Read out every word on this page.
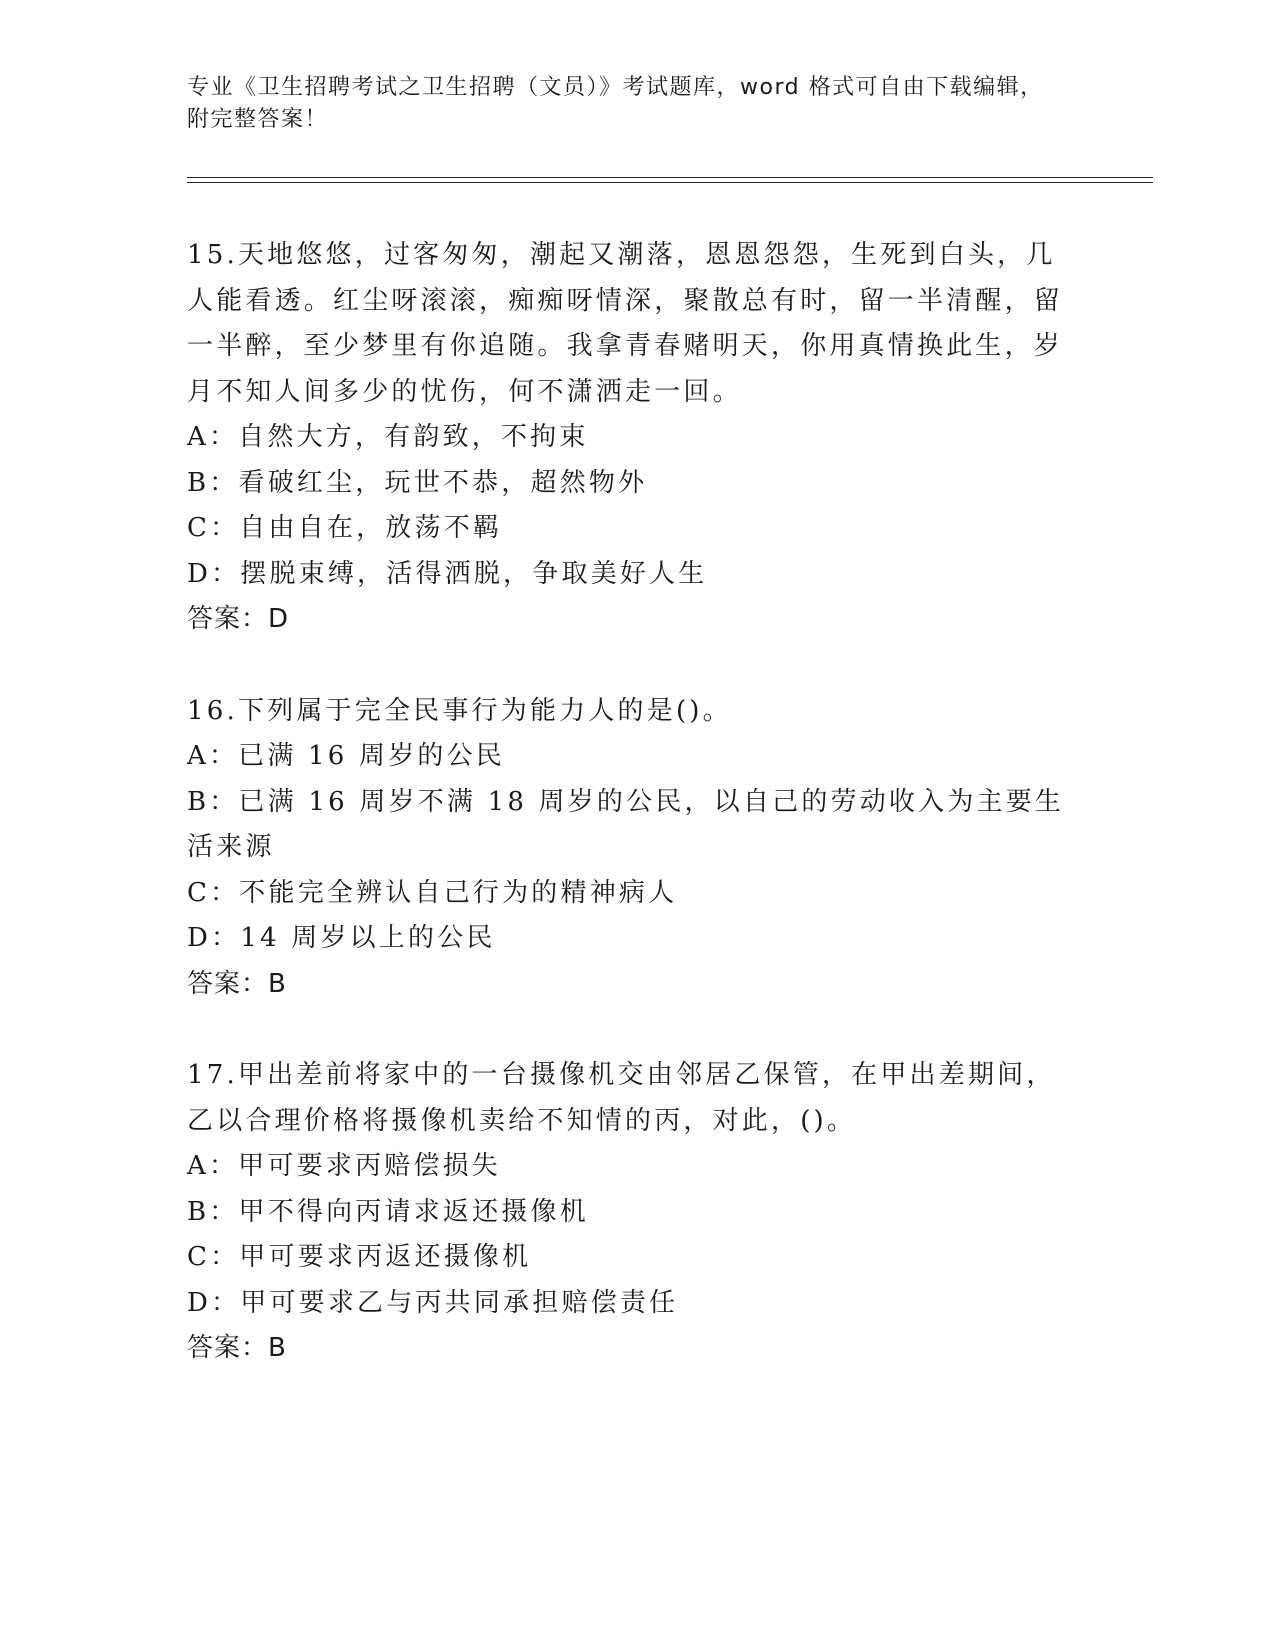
专业《卫生招聘考试之卫生招聘（文员）》考试题库，word 格式可自由下载编辑，附完整答案！

15.天地悠悠，过客匆匆，潮起又潮落，恩恩怨怨，生死到白头，几人能看透。红尘呀滚滚，痴痴呀情深，聚散总有时，留一半清醒，留一半醉，至少梦里有你追随。我拿青春赌明天，你用真情换此生，岁月不知人间多少的忧伤，何不潇洒走一回。

A：自然大方，有韵致，不拘束

B：看破红尘，玩世不恭，超然物外

C：自由自在，放荡不羁

D：摆脱束缚，活得洒脱，争取美好人生

答案：D

16.下列属于完全民事行为能力人的是()。

A：已满 16 周岁的公民

B：已满 16 周岁不满 18 周岁的公民，以自己的劳动收入为主要生活来源

C：不能完全辨认自己行为的精神病人

D：14 周岁以上的公民

答案：B

17.甲出差前将家中的一台摄像机交由邻居乙保管，在甲出差期间，乙以合理价格将摄像机卖给不知情的丙，对此，()。

A：甲可要求丙赔偿损失

B：甲不得向丙请求返还摄像机

C：甲可要求丙返还摄像机

D：甲可要求乙与丙共同承担赔偿责任

答案：B
